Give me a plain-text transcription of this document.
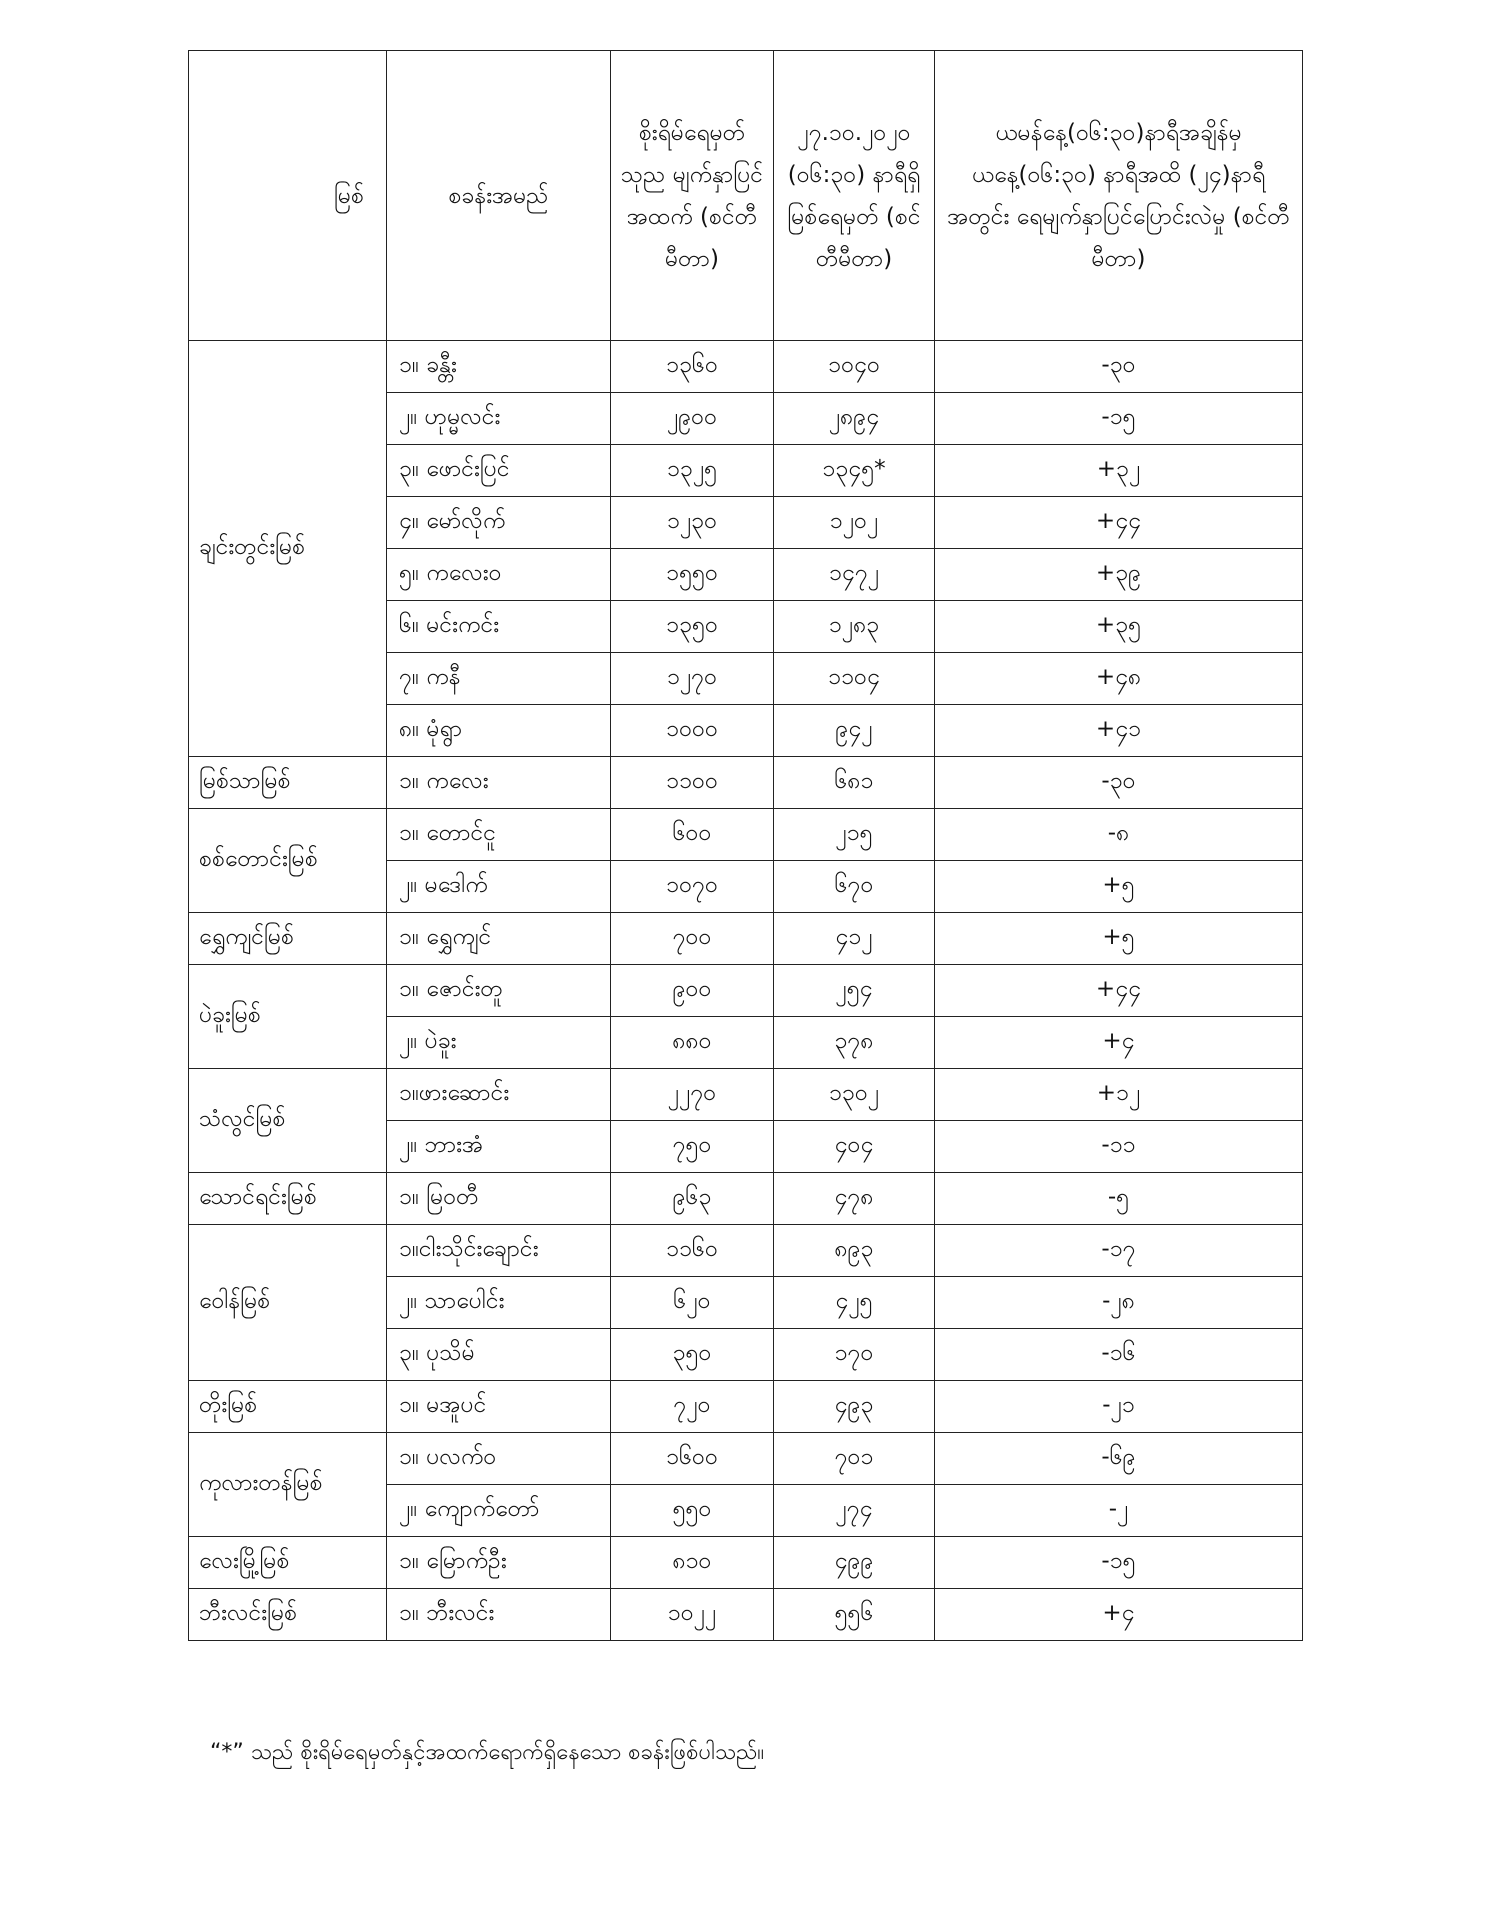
မြစ်	စခန်းအမည်	စိုးရိမ်ရေမှတ် သုည မျက်နှာပြင် အထက် (စင်တီမီတာ)	၂၇.၁၀.၂၀၂၀ (၀၆:၃၀) နာရီရှိ မြစ်ရေမှတ် (စင်တီမီတာ)	ယမန်နေ့(၀၆:၃၀)နာရီအချိန်မှ ယနေ့(၀၆:၃၀) နာရီအထိ (၂၄)နာရီအတွင်း ရေမျက်နှာပြင်ပြောင်းလဲမှု (စင်တီမီတာ)
ချင်းတွင်းမြစ်	၁။ ခန္တီး	၁၃၆၀	၁၀၄၀	-၃၀
	၂။ ဟုမ္မလင်း	၂၉၀၀	၂၈၉၄	-၁၅
	၃။ ဖောင်းပြင်	၁၃၂၅	၁၃၄၅*	+၃၂
	၄။ မော်လိုက်	၁၂၃၀	၁၂၀၂	+၄၄
	၅။ ကလေးဝ	၁၅၅၀	၁၄၇၂	+၃၉
	၆။ မင်းကင်း	၁၃၅၀	၁၂၈၃	+၃၅
	၇။ ကနီ	၁၂၇၀	၁၁၀၄	+၄၈
	၈။ မုံရွာ	၁၀၀၀	၉၄၂	+၄၁
မြစ်သာမြစ်	၁။ ကလေး	၁၁၀၀	၆၈၁	-၃၀
စစ်တောင်းမြစ်	၁။ တောင်ငူ	၆၀၀	၂၁၅	-၈
	၂။ မဒေါက်	၁၀၇၀	၆၇၀	+၅
ရွှေကျင်မြစ်	၁။ ရွှေကျင်	၇၀၀	၄၁၂	+၅
ပဲခူးမြစ်	၁။ ဇောင်းတူ	၉၀၀	၂၅၄	+၄၄
	၂။ ပဲခူး	၈၈၀	၃၇၈	+၄
သံလွင်မြစ်	၁။ဖားဆောင်း	၂၂၇၀	၁၃၀၂	+၁၂
	၂။ ဘားအံ	၇၅၀	၄၀၄	-၁၁
သောင်ရင်းမြစ်	၁။ မြဝတီ	၉၆၃	၄၇၈	-၅
ဝေါန်မြစ်	၁။ငါးသိုင်းချောင်း	၁၁၆၀	၈၉၃	-၁၇
	၂။ သာပေါင်း	၆၂၀	၄၂၅	-၂၈
	၃။ ပုသိမ်	၃၅၀	၁၇၀	-၁၆
တိုးမြစ်	၁။ မအူပင်	၇၂၀	၄၉၃	-၂၁
ကုလားတန်မြစ်	၁။ ပလက်ဝ	၁၆၀၀	၇၀၁	-၆၉
	၂။ ကျောက်တော်	၅၅၀	၂၇၄	-၂
လေးမြို့မြစ်	၁။ မြောက်ဦး	၈၁၀	၄၉၉	-၁၅
ဘီးလင်းမြစ်	၁။ ဘီးလင်း	၁၀၂၂	၅၅၆	+၄
“*” သည် စိုးရိမ်ရေမှတ်နှင့်အထက်ရောက်ရှိနေသော စခန်းဖြစ်ပါသည်။
